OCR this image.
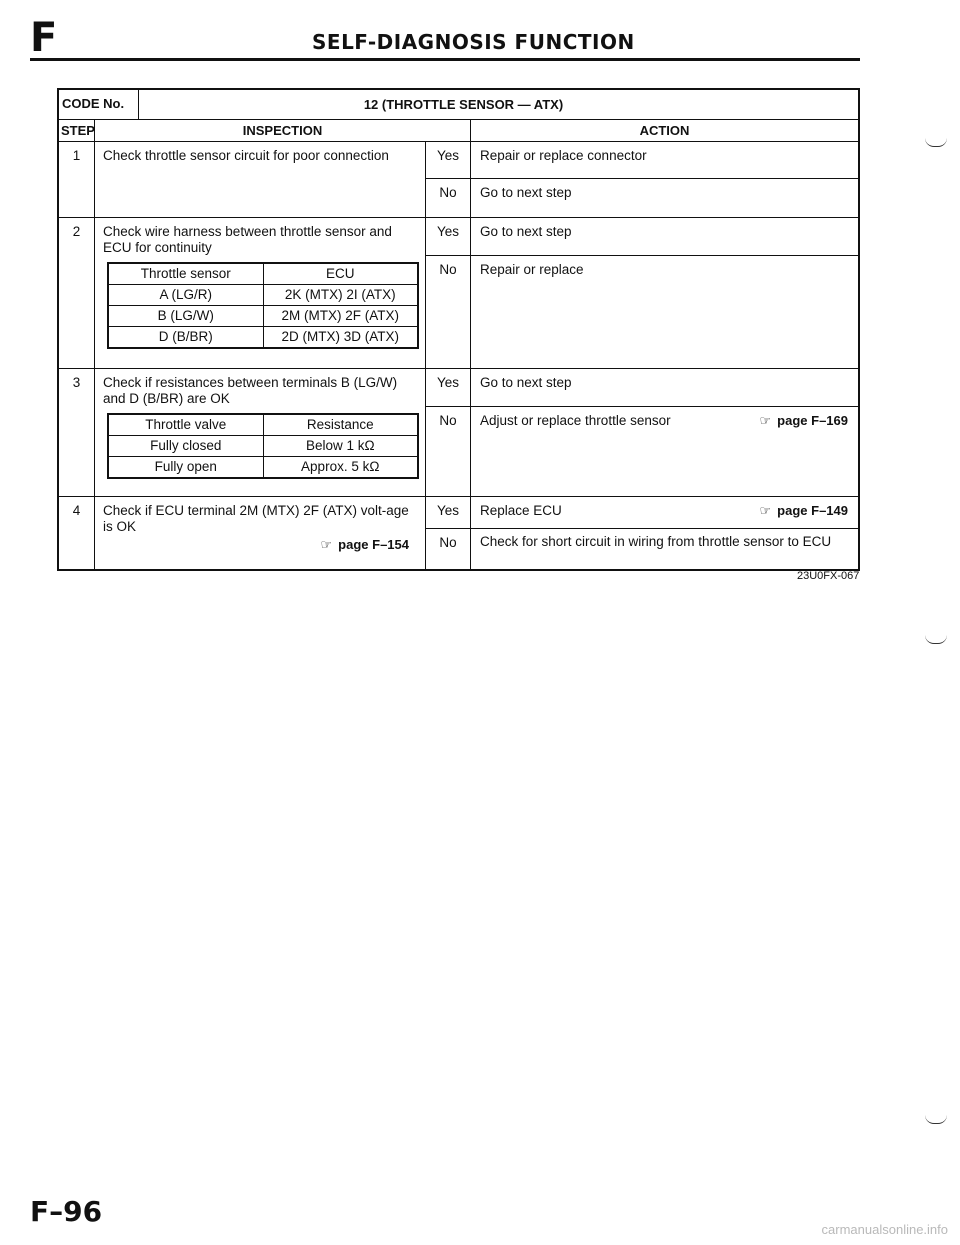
F	SELF-DIAGNOSIS FUNCTION
CODE No.	12 (THROTTLE SENSOR — ATX)
STEP	INSPECTION	ACTION
1	Check throttle sensor circuit for poor connection	Yes	Repair or replace connector
No	Go to next step
2	Check wire harness between throttle sensor and ECU for continuity
Throttle sensor	ECU
A (LG/R)	2K (MTX) 2I (ATX)
B (LG/W)	2M (MTX) 2F (ATX)
D (B/BR)	2D (MTX) 3D (ATX)
Yes	Go to next step
No	Repair or replace
3	Check if resistances between terminals B (LG/W) and D (B/BR) are OK
Throttle valve	Resistance
Fully closed	Below 1 kΩ
Fully open	Approx. 5 kΩ
Yes	Go to next step
No	Adjust or replace throttle sensor	☞ page F–169
4	Check if ECU terminal 2M (MTX) 2F (ATX) volt-age is OK
☞ page F–154
Yes	Replace ECU	☞ page F–149
No	Check for short circuit in wiring from throttle sensor to ECU
23U0FX-067
F–96
carmanualsonline.info
